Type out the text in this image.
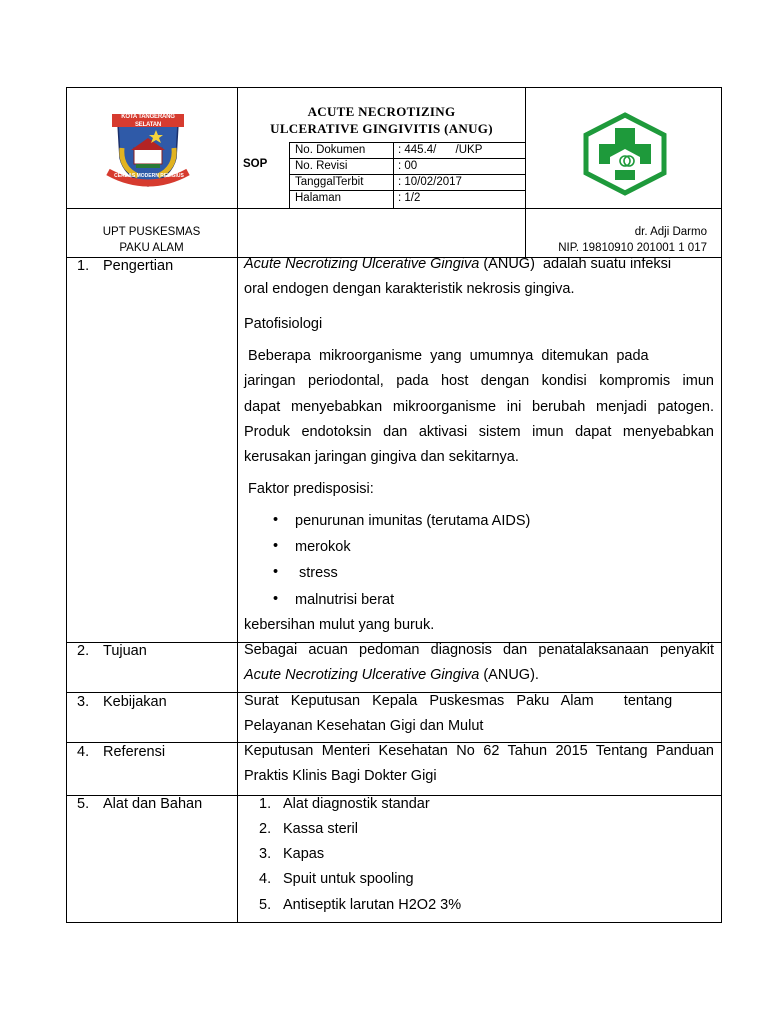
KOTA TANGERANG SELATAN
CERDAS MODERN RELIGIUS
ACUTE NECROTIZING
ULCERATIVE GINGIVITIS (ANUG)
SOP
No. Dokumen	: 445.4/      /UKP
No. Revisi	: 00
TanggalTerbit	: 10/02/2017
Halaman	: 1/2
UPT PUSKESMAS
PAKU ALAM
dr. Adji Darmo
NIP. 19810910 201001 1 017
1. Pengertian	Acute Necrotizing Ulcerative Gingiva (ANUG)  adalah suatu infeksi

oral endogen dengan karakteristik nekrosis gingiva.

Patofisiologi

Beberapa  mikroorganisme  yang  umumnya  ditemukan  pada

jaringan periodontal, pada host dengan kondisi kompromis imun

dapat menyebabkan mikroorganisme ini berubah menjadi patogen.

Produk endotoksin dan aktivasi sistem imun dapat menyebabkan

kerusakan jaringan gingiva dan sekitarnya.

Faktor predisposisi:
• penurunan imunitas (terutama AIDS)
• merokok
• stress
• malnutrisi berat
kebersihan mulut yang buruk.
2. Tujuan	Sebagai acuan pedoman diagnosis dan penatalaksanaan penyakit

Acute Necrotizing Ulcerative Gingiva (ANUG).

3. Kebijakan	Surat  Keputusan  Kepala  Puskesmas  Paku  Alam     tentang

Pelayanan Kesehatan Gigi dan Mulut

4. Referensi	Keputusan Menteri Kesehatan No 62 Tahun 2015 Tentang Panduan

Praktis Klinis Bagi Dokter Gigi

5. Alat dan Bahan	1. Alat diagnostik standar
2. Kassa steril
3. Kapas
4. Spuit untuk spooling
5. Antiseptik larutan H2O2 3%
